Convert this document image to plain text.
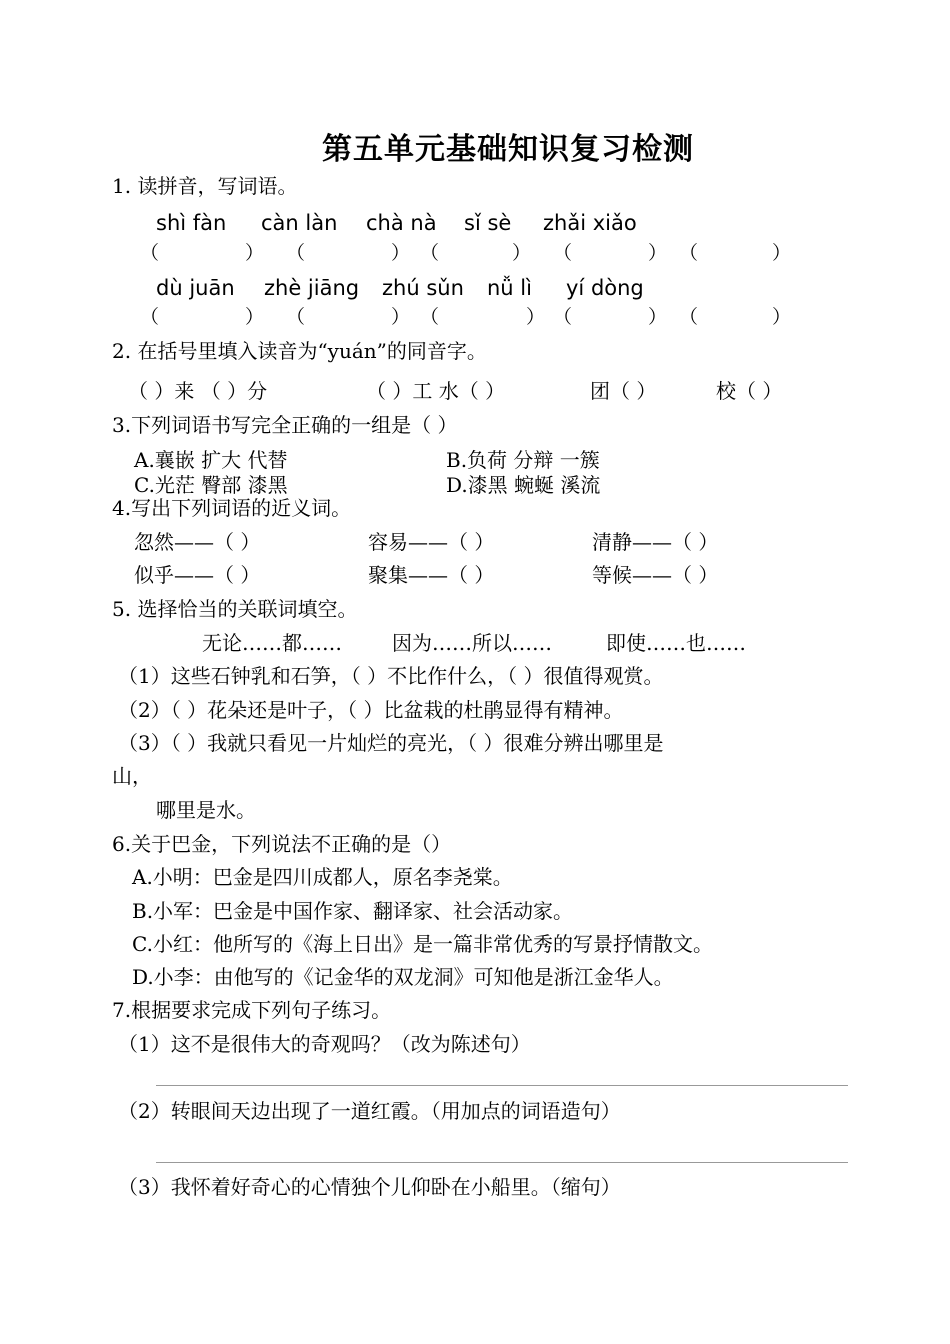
第五单元基础知识复习检测
1. 读拼音，写词语。
shì fàn càn làn chà nà sǐ sè zhǎi xiǎo
（	） （	） （	） （	） （	）
dù juān zhè jiāng zhú sǔn nǚ lì yí dòng
（	） （	） （	） （	） （	）
2. 在括号里填入读音为“yuán”的同音字。
（ ）来 （ ）分	（ ）工 水（ ）	团（ ）	校（ ）
3.下列词语书写完全正确的一组是（ ）
A.襄嵌 扩大 代替	B.负荷 分辩 一簇
C.光茫 臀部 漆黑	D.漆黑 蜿蜒 溪流
4.写出下列词语的近义词。
忽然——（ ）	容易——（ ）	清静——（ ）
似乎——（ ）	聚集——（ ）	等候——（ ）
5. 选择恰当的关联词填空。
无论……都……	因为……所以……	即使……也……
（1）这些石钟乳和石笋，（ ）不比作什么，（ ）很值得观赏。
（2）（ ）花朵还是叶子，（ ）比盆栽的杜鹃显得有精神。
（3）（ ）我就只看见一片灿烂的亮光，（ ）很难分辨出哪里是
山，
哪里是水。
6.关于巴金，下列说法不正确的是（）
A.小明：巴金是四川成都人，原名李尧棠。
B.小军：巴金是中国作家、翻译家、社会活动家。
C.小红：他所写的《海上日出》是一篇非常优秀的写景抒情散文。
D.小李：由他写的《记金华的双龙洞》可知他是浙江金华人。
7.根据要求完成下列句子练习。
（1）这不是很伟大的奇观吗？（改为陈述句）
（2）转眼间天边出现了一道红霞。（用加点的词语造句）
（3）我怀着好奇心的心情独个儿仰卧在小船里。（缩句）
